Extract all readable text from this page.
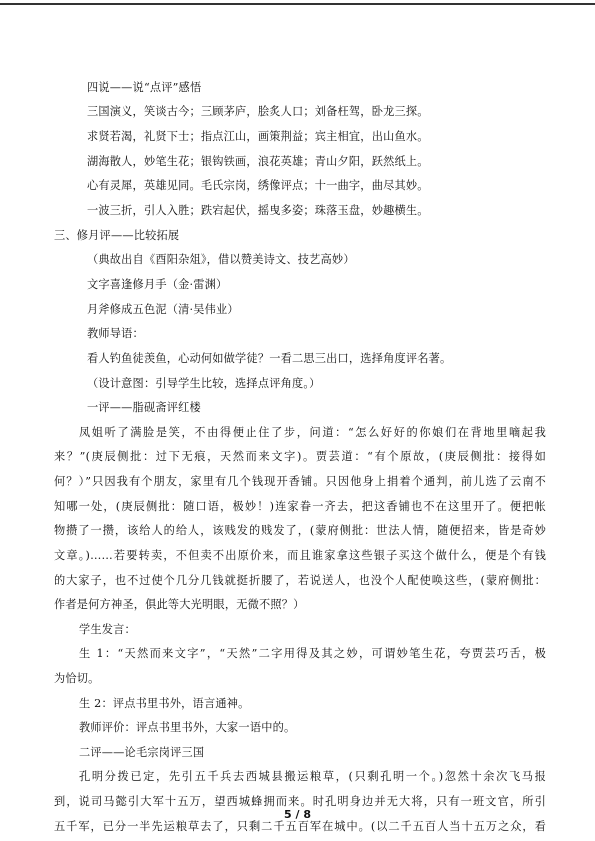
四说——说“点评”感悟
三国演义，笑谈古今；三顾茅庐，脍炙人口；刘备枉驾，卧龙三探。
求贤若渴，礼贤下士；指点江山，画策荆益；宾主相宜，出山鱼水。
湖海散人，妙笔生花；银钩铁画，浪花英雄；青山夕阳，跃然纸上。
心有灵犀，英雄见同。毛氏宗岗，绣像评点；十一曲字，曲尽其妙。
一波三折，引人入胜；跌宕起伏，摇曳多姿；珠落玉盘，妙趣横生。
三、修月评——比较拓展
（典故出自《酉阳杂俎》，借以赞美诗文、技艺高妙）
文字喜逢修月手（金·雷渊）
月斧修成五色泥（清·吴伟业）
教师导语：
看人钓鱼徒羡鱼，心动何如做学徒？一看二思三出口，选择角度评名著。
（设计意图：引导学生比较，选择点评角度。）
一评——脂砚斋评红楼
凤姐听了满脸是笑，不由得便止住了步，问道：“怎么好好的你娘们在背地里嘀起我
来？”(庚辰侧批：过下无痕，天然而来文字)。贾芸道：“有个原故，(庚辰侧批：接得如
何？）”只因我有个朋友，家里有几个钱现开香铺。只因他身上捐着个通判，前儿选了云南不
知哪一处，(庚辰侧批：随口语，极妙！)连家眷一齐去，把这香铺也不在这里开了。便把帐
物攒了一攒，该给人的给人，该贱发的贱发了，(蒙府侧批：世法人情，随便招来，皆是奇妙
文章。)……若要转卖，不但卖不出原价来，而且谁家拿这些银子买这个做什么，便是个有钱
的大家子，也不过使个几分几钱就挺折腰了，若说送人，也没个人配使唤这些，(蒙府侧批：
作者是何方神圣，俱此等大光明眼，无微不照？）
学生发言：
生 1：“天然而来文字”，“天然”二字用得及其之妙，可谓妙笔生花，夸贾芸巧舌，极
为恰切。
生 2：评点书里书外，语言通神。
教师评价：评点书里书外，大家一语中的。
二评——论毛宗岗评三国
孔明分拨已定，先引五千兵去西城县搬运粮草，(只剩孔明一个。)忽然十余次飞马报
到，说司马懿引大军十五万，望西城蜂拥而来。时孔明身边并无大将，只有一班文官，所引
五千军，已分一半先运粮草去了，只剩二千五百军在城中。(以二千五百人当十五万之众，看
5 / 8
